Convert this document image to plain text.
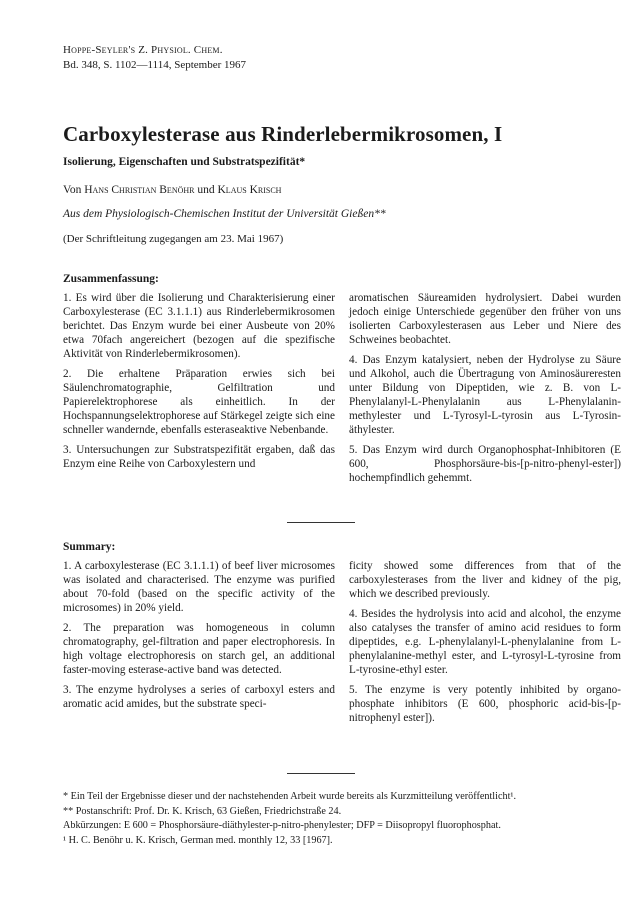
Hoppe-Seyler's Z. Physiol. Chem.
Bd. 348, S. 1102—1114, September 1967
Carboxylesterase aus Rinderlebermikrosomen, I
Isolierung, Eigenschaften und Substratspezifität*
Von Hans Christian Benöhr und Klaus Krisch
Aus dem Physiologisch-Chemischen Institut der Universität Gießen**
(Der Schriftleitung zugegangen am 23. Mai 1967)
Zusammenfassung:

1. Es wird über die Isolierung und Charakterisierung einer Carboxylesterase (EC 3.1.1.1) aus Rinderlebermikrosomen berichtet. Das Enzym wurde bei einer Ausbeute von 20% etwa 70fach angereichert (bezogen auf die spezifische Aktivität von Rinderlebermikrosomen).

2. Die erhaltene Präparation erwies sich bei Säulenchromatographie, Gelfiltration und Papierelektrophorese als einheitlich. In der Hochspannungselektrophorese auf Stärkegel zeigte sich eine schneller wandernde, ebenfalls esteraseaktive Nebenbande.

3. Untersuchungen zur Substratspezifität ergaben, daß das Enzym eine Reihe von Carboxylestern und

aromatischen Säureamiden hydrolysiert. Dabei wurden jedoch einige Unterschiede gegenüber den früher von uns isolierten Carboxylesterasen aus Leber und Niere des Schweines beobachtet.

4. Das Enzym katalysiert, neben der Hydrolyse zu Säure und Alkohol, auch die Übertragung von Aminosäureresten unter Bildung von Dipeptiden, wie z. B. von L-Phenylalanyl-L-Phenylalanin aus L-Phenylalanin-methylester und L-Tyrosyl-L-tyrosin aus L-Tyrosin-äthylester.

5. Das Enzym wird durch Organophosphat-Inhibitoren (E 600, Phosphorsäure-bis-[p-nitro-phenyl-ester]) hochempfindlich gehemmt.

Summary:

1. A carboxylesterase (EC 3.1.1.1) of beef liver microsomes was isolated and characterised. The enzyme was purified about 70-fold (based on the specific activity of the microsomes) in 20% yield.

2. The preparation was homogeneous in column chromatography, gel-filtration and paper electrophoresis. In high voltage electrophoresis on starch gel, an additional faster-moving esterase-active band was detected.

3. The enzyme hydrolyses a series of carboxyl esters and aromatic acid amides, but the substrate speci-

ficity showed some differences from that of the carboxylesterases from the liver and kidney of the pig, which we described previously.

4. Besides the hydrolysis into acid and alcohol, the enzyme also catalyses the transfer of amino acid residues to form dipeptides, e.g. L-phenylalanyl-L-phenylalanine from L-phenylalanine-methyl ester, and L-tyrosyl-L-tyrosine from L-tyrosine-ethyl ester.

5. The enzyme is very potently inhibited by organo-phosphate inhibitors (E 600, phosphoric acid-bis-[p-nitrophenyl ester]).

* Ein Teil der Ergebnisse dieser und der nachstehenden Arbeit wurde bereits als Kurzmitteilung veröffentlicht¹.

** Postanschrift: Prof. Dr. K. Krisch, 63 Gießen, Friedrichstraße 24.

Abkürzungen: E 600 = Phosphorsäure-diäthylester-p-nitro-phenylester; DFP = Diisopropyl fluorophosphat.

¹ H. C. Benöhr u. K. Krisch, German med. monthly 12, 33 [1967].
